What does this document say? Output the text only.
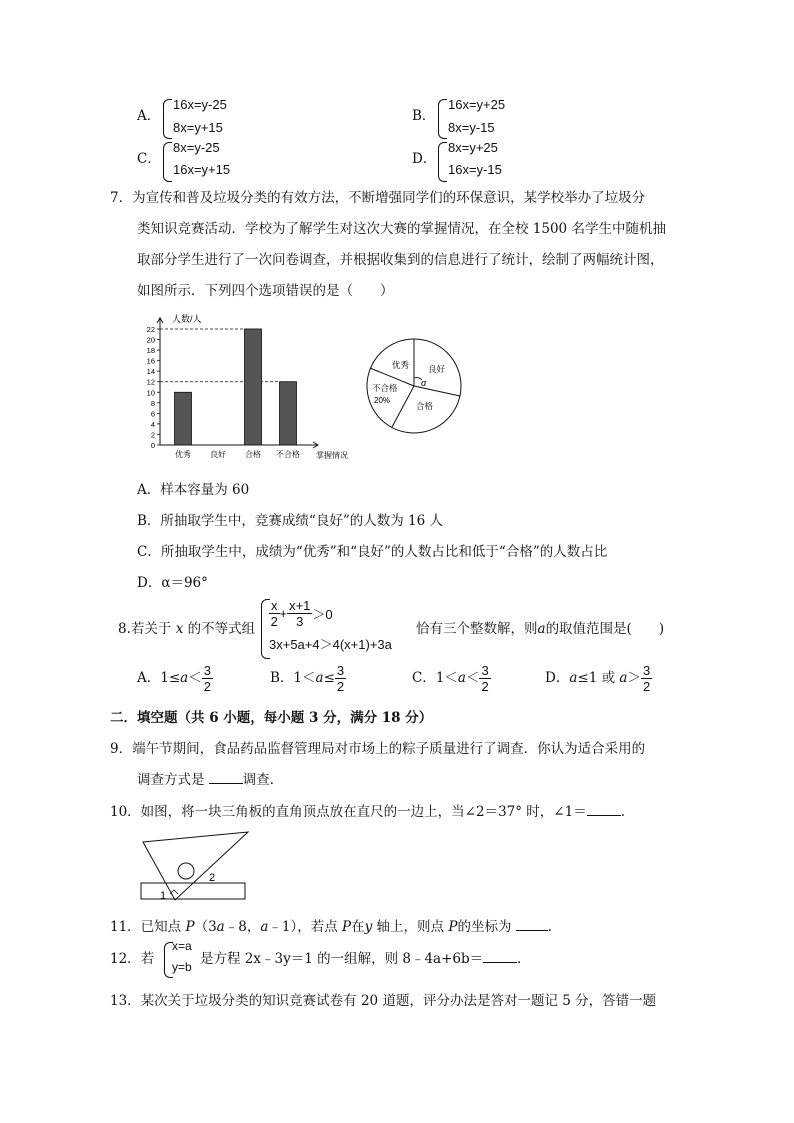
A．
16x=y-25
8x=y+15
B．
16x=y+25
8x=y-15
C．
8x=y-25
16x=y+15
D．
8x=y+25
16x=y-15
7．为宣传和普及垃圾分类的有效方法，不断增强同学们的环保意识，某学校举办了垃圾分
类知识竞赛活动．学校为了解学生对这次大赛的掌握情况，在全校 1500 名学生中随机抽
取部分学生进行了一次问卷调查，并根据收集到的信息进行了统计，绘制了两幅统计图，
如图所示．下列四个选项错误的是（　　）
0
2
4
6
8
10
12
14
16
18
20
22
优秀 良好 合格 不合格
人数/人
掌握情况
优秀 良好
合格
不合格
20%
α
A．样本容量为 60
B．所抽取学生中，竞赛成绩“良好”的人数为 16 人
C．所抽取学生中，成绩为“优秀”和“良好”的人数占比和低于“合格”的人数占比
D．α＝96°
8.若关于 x 的不等式组 $\frac{x}{2} + \frac{x+1}{3} >0$
3x+5a+4＞4(x+1)+3a
恰有三个整数解，则a的取值范围是(　　)
A．$1\le a< \frac{3}{2}$	B．$1<a\le \frac{3}{2}$	C．$1<a< \frac{3}{2}$	D．a≤1 或 $a> \frac{3}{2}$
二．填空题（共 6 小题，每小题 3 分，满分 18 分）
9．端午节期间，食品药品监督管理局对市场上的粽子质量进行了调查．你认为适合采用的
调查方式是	调查．
10．如图，将一块三角板的直角顶点放在直尺的一边上，当∠2＝37° 时，∠1＝	．
1
2
11．已知点 P（3a﹣8，a﹣1），若点 P在y 轴上，则点 P的坐标为 ．
12．若
x=a
y=b 是方程 2x﹣3y＝1 的一组解，则 8﹣4a+6b＝	．
13．某次关于垃圾分类的知识竞赛试卷有 20 道题，评分办法是答对一题记 5 分，答错一题
